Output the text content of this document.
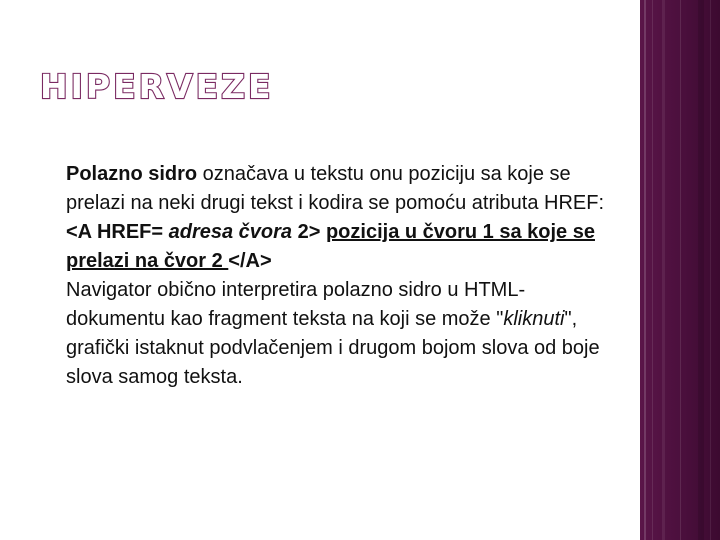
HIPERVEZE
Polazno sidro označava u tekstu onu poziciju sa koje se prelazi na neki drugi tekst i kodira se pomoću atributa HREF:
<A HREF= adresa čvora 2> pozicija u čvoru 1 sa koje se prelazi na čvor 2 </A>
Navigator obično interpretira polazno sidro u HTML-dokumentu kao fragment teksta na koji se može "kliknuti", grafički istaknut podvlačenjem i drugom bojom slova od boje slova samog teksta.
